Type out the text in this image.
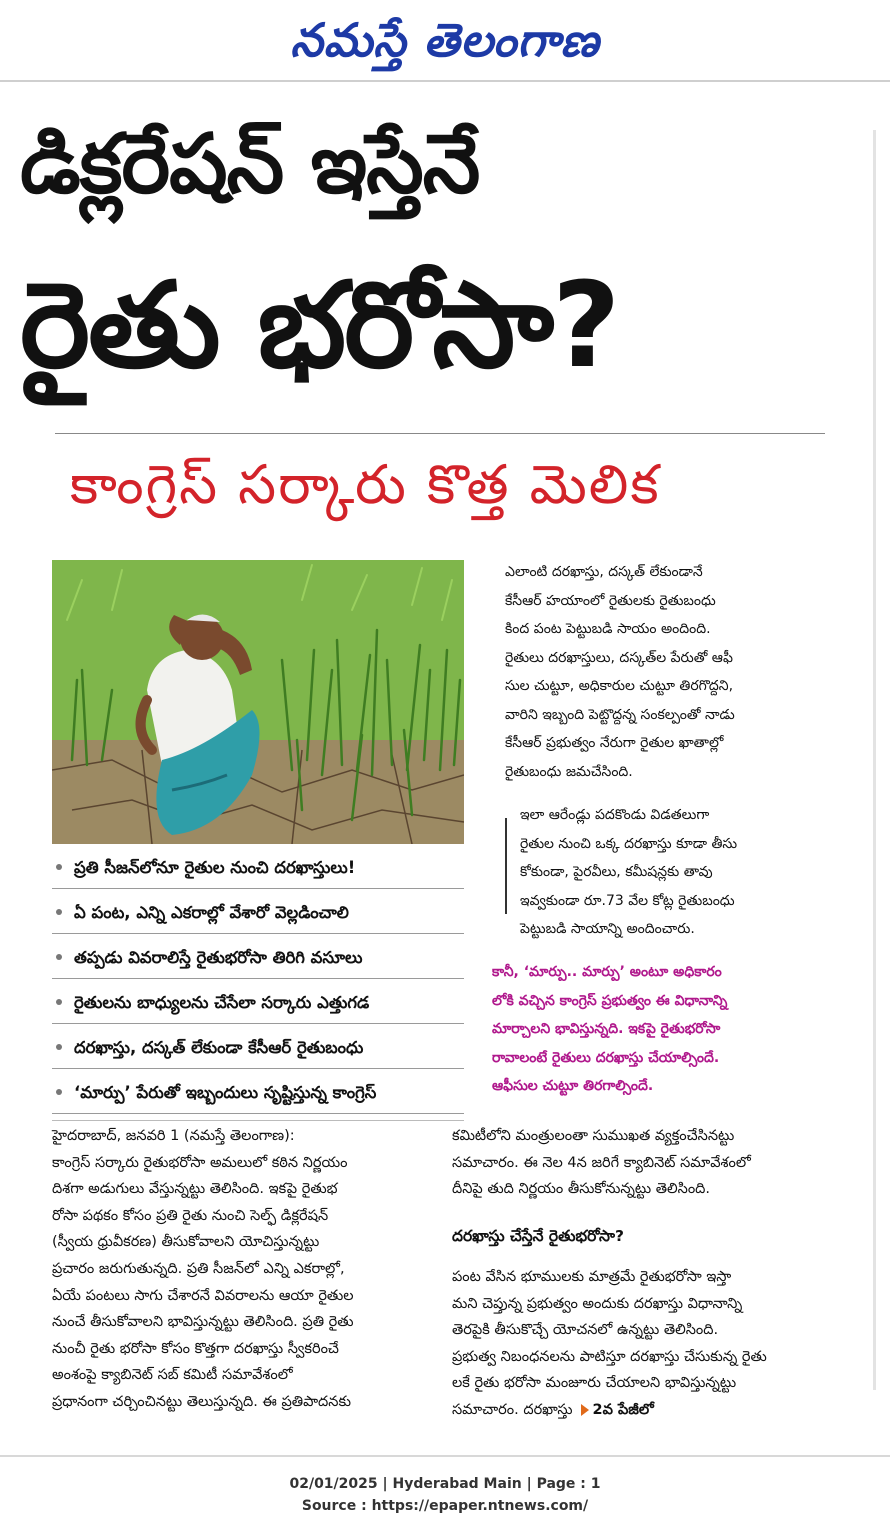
నమస్తే తెలంగాణ
డిక్లరేషన్ ఇస్తేనే
రైతు భరోసా?
కాంగ్రెస్ సర్కారు కొత్త మెలిక
ప్రతి సీజన్‌లోనూ రైతుల నుంచి దరఖాస్తులు!
ఏ పంట, ఎన్ని ఎకరాల్లో వేశారో వెల్లడించాలి
తప్పడు వివరాలిస్తే రైతుభరోసా తిరిగి వసూలు
రైతులను బాధ్యులను చేసేలా సర్కారు ఎత్తుగడ
దరఖాస్తు, దస్కత్ లేకుండా కేసీఆర్ రైతుబంధు
‘మార్పు’ పేరుతో ఇబ్బందులు సృష్టిస్తున్న కాంగ్రెస్
ఎలాంటి దరఖాస్తు, దస్కత్ లేకుండానే
కేసీఆర్ హయాంలో రైతులకు రైతుబంధు
కింద పంట పెట్టుబడి సాయం అందింది.
రైతులు దరఖాస్తులు, దస్కత్‌ల పేరుతో ఆఫీ
సుల చుట్టూ, అధికారుల చుట్టూ తిరగొద్దని,
వారిని ఇబ్బంది పెట్టొద్దన్న సంకల్పంతో నాడు
కేసీఆర్ ప్రభుత్వం నేరుగా రైతుల ఖాతాల్లో
రైతుబంధు జమచేసింది.
ఇలా ఆరేండ్లు పదకొండు విడతలుగా
రైతుల నుంచి ఒక్క దరఖాస్తు కూడా తీసు
కోకుండా, పైరవీలు, కమీషన్లకు తావు
ఇవ్వకుండా రూ.73 వేల కోట్ల రైతుబంధు
పెట్టుబడి సాయాన్ని అందించారు.
కానీ, ‘మార్పు.. మార్పు’ అంటూ అధికారం
లోకి వచ్చిన కాంగ్రెస్ ప్రభుత్వం ఈ విధానాన్ని
మార్చాలని భావిస్తున్నది. ఇకపై రైతుభరోసా
రావాలంటే రైతులు దరఖాస్తు చేయాల్సిందే.
ఆఫీసుల చుట్టూ తిరగాల్సిందే.
హైదరాబాద్, జనవరి 1 (నమస్తే తెలంగాణ):
కాంగ్రెస్ సర్కారు రైతుభరోసా అమలులో కఠిన నిర్ణయం
దిశగా అడుగులు వేస్తున్నట్టు తెలిసింది. ఇకపై రైతుభ
రోసా పథకం కోసం ప్రతి రైతు నుంచి సెల్ఫ్ డిక్లరేషన్
(స్వీయ ధ్రువీకరణ) తీసుకోవాలని యోచిస్తున్నట్టు
ప్రచారం జరుగుతున్నది. ప్రతి సీజన్‌లో ఎన్ని ఎకరాల్లో,
ఏయే పంటలు సాగు చేశారనే వివరాలను ఆయా రైతుల
నుంచే తీసుకోవాలని భావిస్తున్నట్టు తెలిసింది. ప్రతి రైతు
నుంచీ రైతు భరోసా కోసం కొత్తగా దరఖాస్తు స్వీకరించే
అంశంపై క్యాబినెట్ సబ్ కమిటీ సమావేశంలో
ప్రధానంగా చర్చించినట్టు తెలుస్తున్నది. ఈ ప్రతిపాదనకు
కమిటీలోని మంత్రులంతా సుముఖత వ్యక్తంచేసినట్టు
సమాచారం. ఈ నెల 4న జరిగే క్యాబినెట్ సమావేశంలో
దీనిపై తుది నిర్ణయం తీసుకోనున్నట్టు తెలిసింది.
దరఖాస్తు చేస్తేనే రైతుభరోసా?
పంట వేసిన భూములకు మాత్రమే రైతుభరోసా ఇస్తా
మని చెప్తున్న ప్రభుత్వం అందుకు దరఖాస్తు విధానాన్ని
తెరపైకి తీసుకొచ్చే యోచనలో ఉన్నట్టు తెలిసింది.
ప్రభుత్వ నిబంధనలను పాటిస్తూ దరఖాస్తు చేసుకున్న రైతు
లకే రైతు భరోసా మంజూరు చేయాలని భావిస్తున్నట్టు
సమాచారం. దరఖాస్తు 2వ పేజీలో
02/01/2025 | Hyderabad Main | Page : 1
Source : https://epaper.ntnews.com/
